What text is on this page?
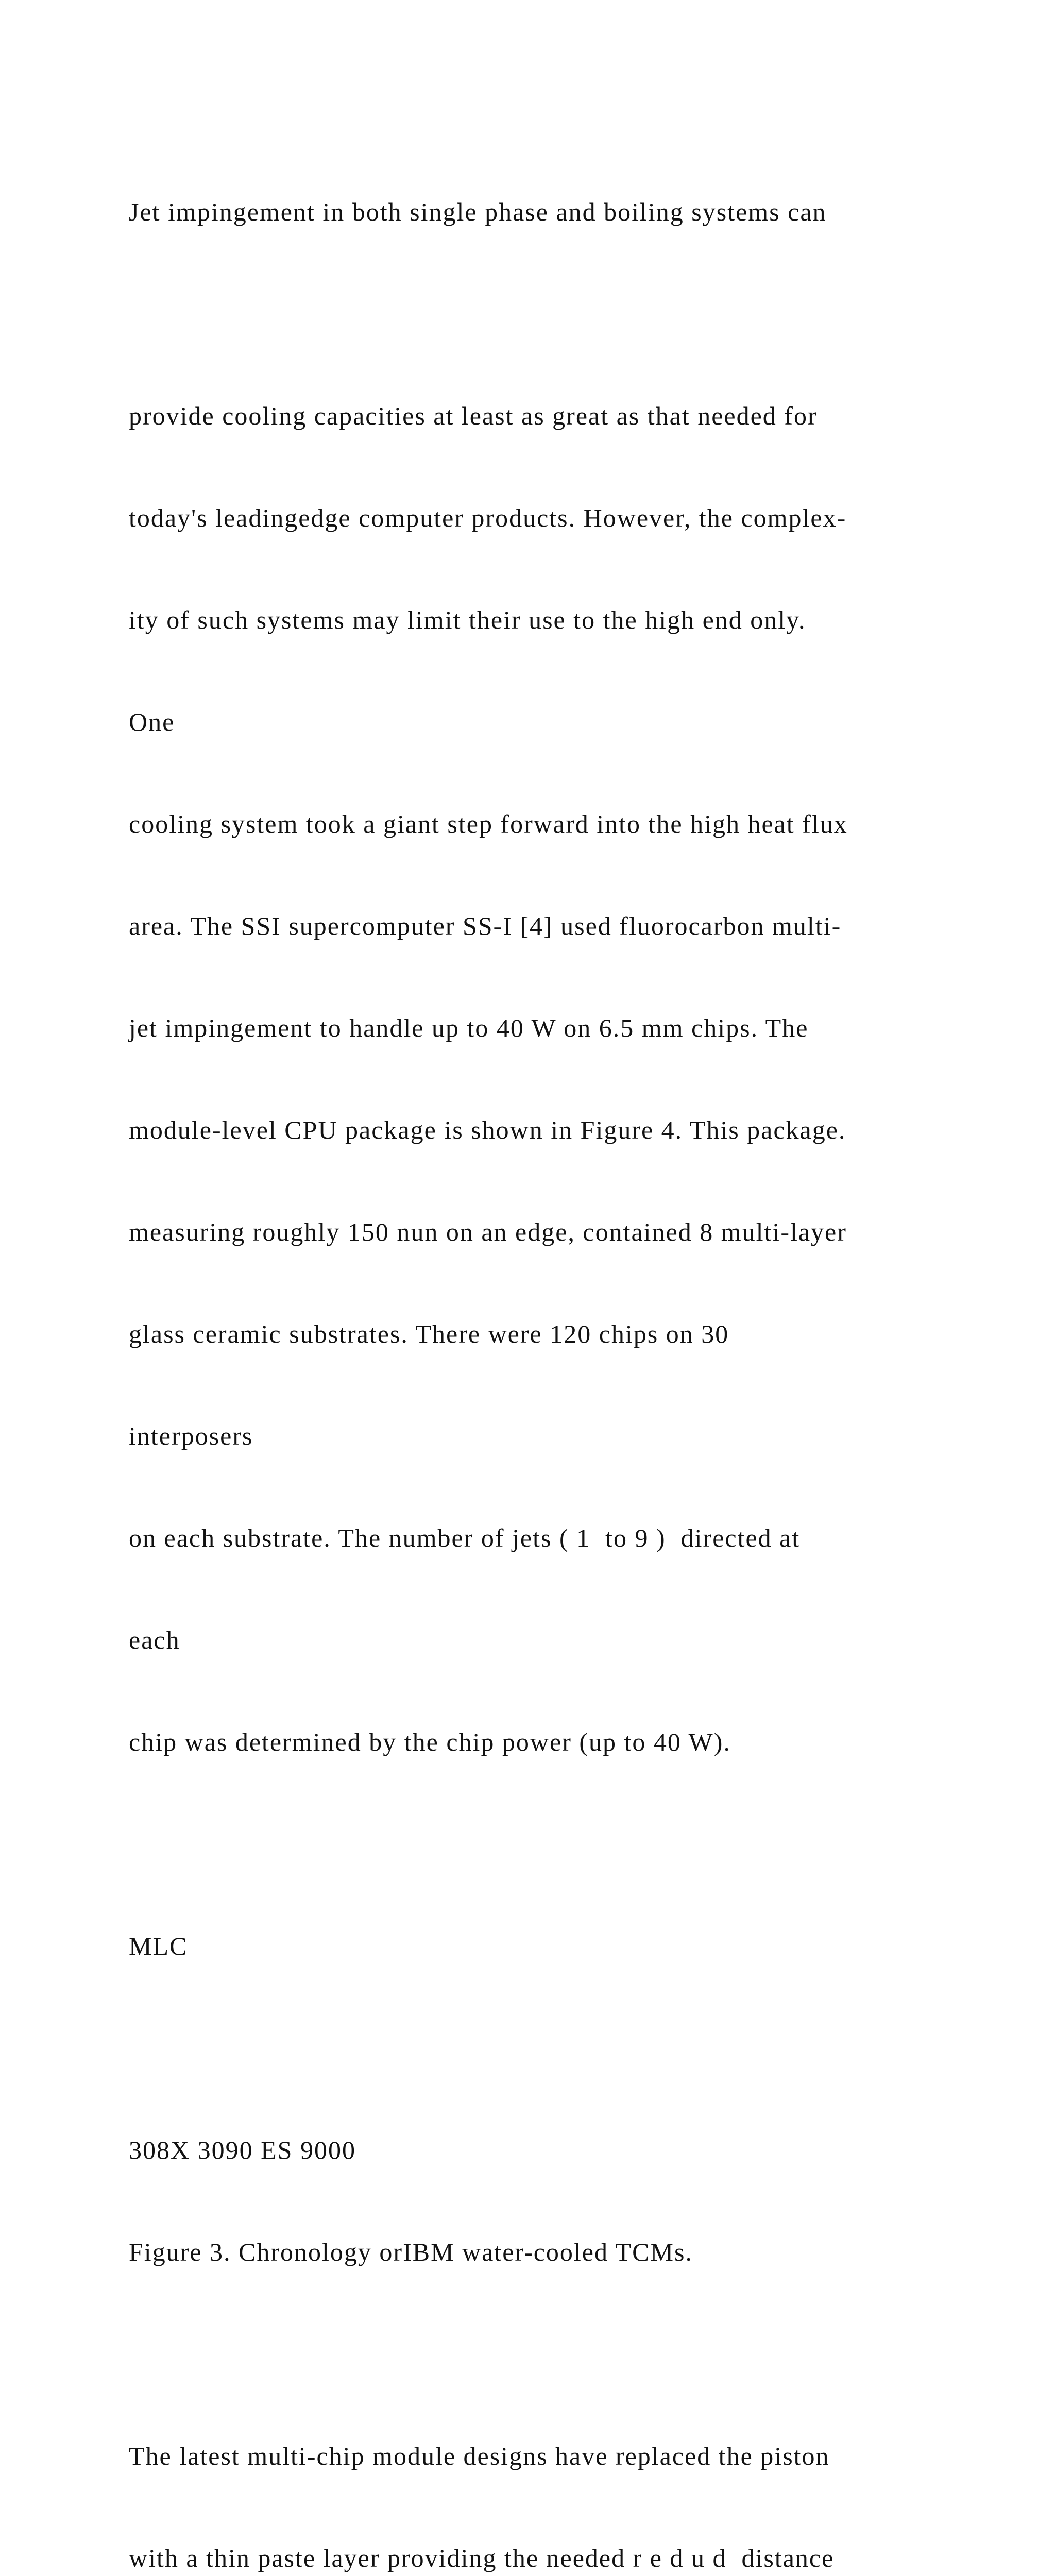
Jet impingement in both single phase and boiling systems can

provide cooling capacities at least as great as that needed for

today's leadingedge computer products. However, the complex-

ity of such systems may limit their use to the high end only.

One

cooling system took a giant step forward into the high heat flux

area. The SSI supercomputer SS-I [4] used fluorocarbon multi-

jet impingement to handle up to 40 W on 6.5 mm chips. The

module-level CPU package is shown in Figure 4. This package.

measuring roughly 150 nun on an edge, contained 8 multi-layer

glass ceramic substrates. There were 120 chips on 30

interposers

on each substrate. The number of jets ( 1  to 9 )  directed at

each

chip was determined by the chip power (up to 40 W).

MLC

308X 3090 ES 9000

Figure 3. Chronology orIBM water-cooled TCMs.

The latest multi-chip module designs have replaced the piston

with a thin paste layer providing the needed r e d u d  distance
